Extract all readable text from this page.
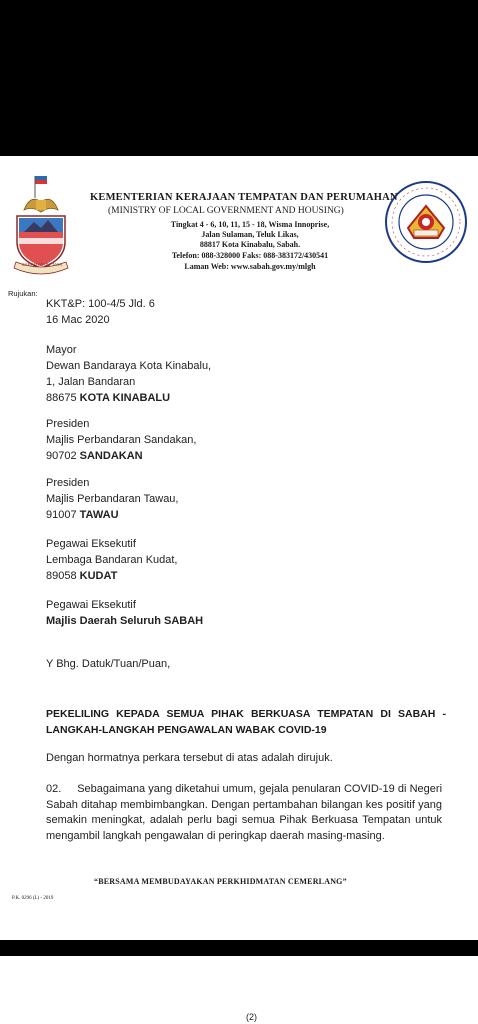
SABAH MAJU JAYA
KEMENTERIAN KERAJAAN TEMPATAN DAN PERUMAHAN
(MINISTRY OF LOCAL GOVERNMENT AND HOUSING)
Tingkat 4 - 6, 10, 11, 15 - 18, Wisma Innoprise,
Jalan Sulaman, Teluk Likas,
88817 Kota Kinabalu, Sabah.
Telefon: 088-328000 Faks: 088-383172/430541
Laman Web: www.sabah.gov.my/mlgh
Rujukan:
KKT&P: 100-4/5 Jld. 6
16 Mac 2020
Mayor
Dewan Bandaraya Kota Kinabalu,
1, Jalan Bandaran
88675 KOTA KINABALU
Presiden
Majlis Perbandaran Sandakan,
90702 SANDAKAN
Presiden
Majlis Perbandaran Tawau,
91007 TAWAU
Pegawai Eksekutif
Lembaga Bandaran Kudat,
89058 KUDAT
Pegawai Eksekutif
Majlis Daerah Seluruh SABAH
Y Bhg. Datuk/Tuan/Puan,
PEKELILING KEPADA SEMUA PIHAK BERKUASA TEMPATAN DI SABAH - LANGKAH-LANGKAH PENGAWALAN WABAK COVID-19
Dengan hormatnya perkara tersebut di atas adalah dirujuk.
02. Sebagaimana yang diketahui umum, gejala penularan COVID-19 di Negeri Sabah ditahap membimbangkan. Dengan pertambahan bilangan kes positif yang semakin meningkat, adalah perlu bagi semua Pihak Berkuasa Tempatan untuk mengambil langkah pengawalan di peringkap daerah masing-masing.
“BERSAMA MEMBUDAYAKAN PERKHIDMATAN CEMERLANG”
P.K. 0296 (L) - 2019
(2)
